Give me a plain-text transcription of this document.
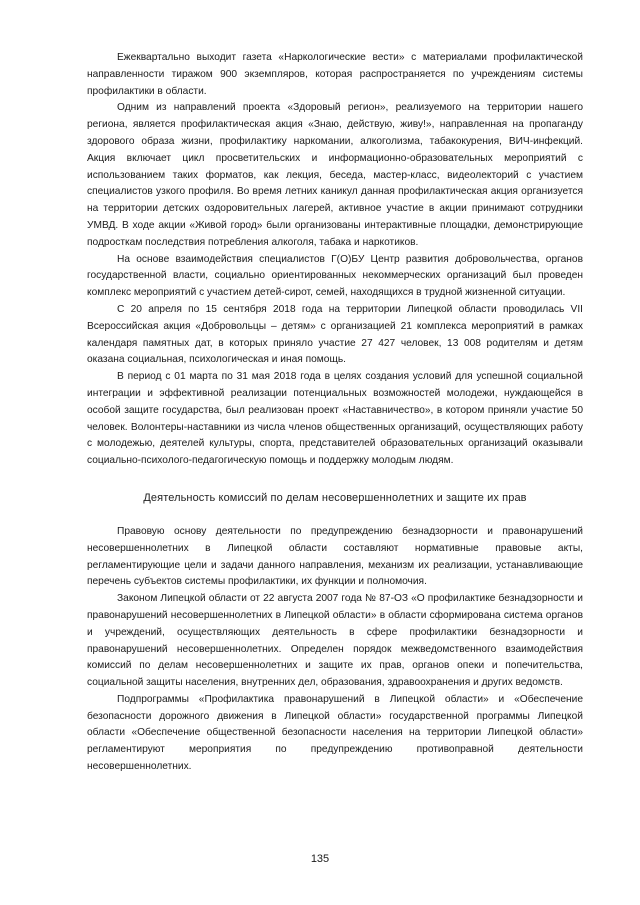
Ежеквартально выходит газета «Наркологические вести» с материалами профилактической направленности тиражом 900 экземпляров, которая распространяется по учреждениям системы профилактики в области.

Одним из направлений проекта «Здоровый регион», реализуемого на территории нашего региона, является профилактическая акция «Знаю, действую, живу!», направленная на пропаганду здорового образа жизни, профилактику наркомании, алкоголизма, табакокурения, ВИЧ-инфекций. Акция включает цикл просветительских и информационно-образовательных мероприятий с использованием таких форматов, как лекция, беседа, мастер-класс, видеолекторий с участием специалистов узкого профиля. Во время летних каникул данная профилактическая акция организуется на территории детских оздоровительных лагерей, активное участие в акции принимают сотрудники УМВД. В ходе акции «Живой город» были организованы интерактивные площадки, демонстрирующие подросткам последствия потребления алкоголя, табака и наркотиков.

На основе взаимодействия специалистов Г(О)БУ Центр развития добровольчества, органов государственной власти, социально ориентированных некоммерческих организаций был проведен комплекс мероприятий с участием детей-сирот, семей, находящихся в трудной жизненной ситуации.

С 20 апреля по 15 сентября 2018 года на территории Липецкой области проводилась VII Всероссийская акция «Добровольцы – детям» с организацией 21 комплекса мероприятий в рамках календаря памятных дат, в которых приняло участие 27 427 человек, 13 008 родителям и детям оказана социальная, психологическая и иная помощь.

В период с 01 марта по 31 мая 2018 года в целях создания условий для успешной социальной интеграции и эффективной реализации потенциальных возможностей молодежи, нуждающейся в особой защите государства, был реализован проект «Наставничество», в котором приняли участие 50 человек. Волонтеры-наставники из числа членов общественных организаций, осуществляющих работу с молодежью, деятелей культуры, спорта, представителей образовательных организаций оказывали социально-психолого-педагогическую помощь и поддержку молодым людям.

Деятельность комиссий по делам несовершеннолетних и защите их прав

Правовую основу деятельности по предупреждению безнадзорности и правонарушений несовершеннолетних в Липецкой области составляют нормативные правовые акты, регламентирующие цели и задачи данного направления, механизм их реализации, устанавливающие перечень субъектов системы профилактики, их функции и полномочия.

Законом Липецкой области от 22 августа 2007 года № 87-ОЗ «О профилактике безнадзорности и правонарушений несовершеннолетних в Липецкой области» в области сформирована система органов и учреждений, осуществляющих деятельность в сфере профилактики безнадзорности и правонарушений несовершеннолетних. Определен порядок межведомственного взаимодействия комиссий по делам несовершеннолетних и защите их прав, органов опеки и попечительства, социальной защиты населения, внутренних дел, образования, здравоохранения и других ведомств.

Подпрограммы «Профилактика правонарушений в Липецкой области» и «Обеспечение безопасности дорожного движения в Липецкой области» государственной программы Липецкой области «Обеспечение общественной безопасности населения на территории Липецкой области» регламентируют мероприятия по предупреждению противоправной деятельности несовершеннолетних.

135
